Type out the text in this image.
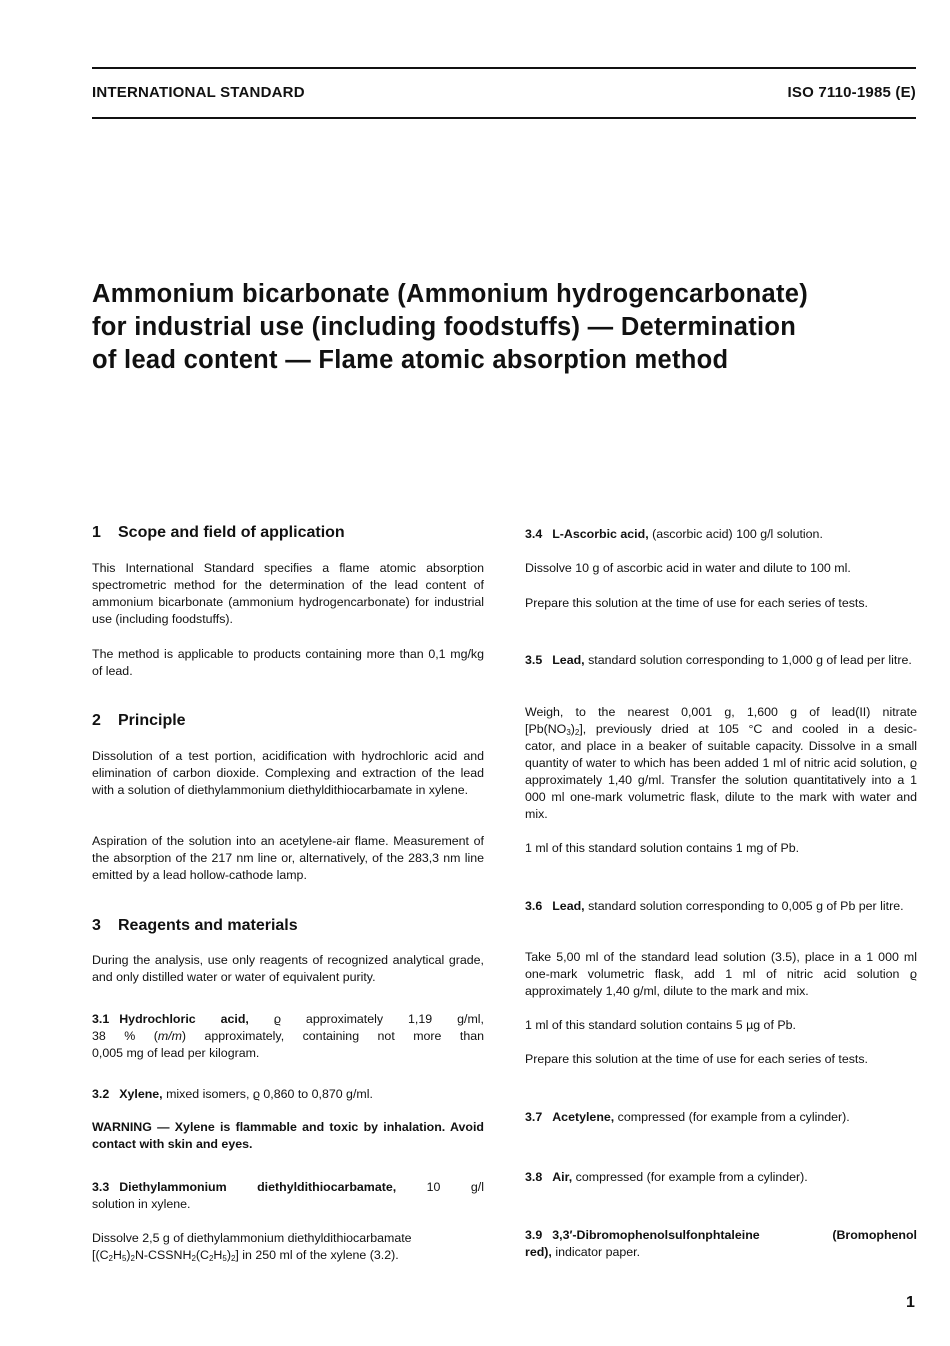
INTERNATIONAL STANDARD	ISO 7110-1985 (E)
Ammonium bicarbonate (Ammonium hydrogencarbonate)
for industrial use (including foodstuffs) — Determination
of lead content — Flame atomic absorption method
1 Scope and field of application

This International Standard specifies a flame atomic absorption spectrometric method for the determination of the lead content of ammonium bicarbonate (ammonium hydrogencarbonate) for industrial use (including foodstuffs).

The method is applicable to products containing more than 0,1 mg/kg of lead.

2 Principle

Dissolution of a test portion, acidification with hydrochloric acid and elimination of carbon dioxide. Complexing and extraction of the lead with a solution of diethylammonium diethyldithiocarbamate in xylene.

Aspiration of the solution into an acetylene-air flame. Measurement of the absorption of the 217 nm line or, alternatively, of the 283,3 nm line emitted by a lead hollow-cathode lamp.

3 Reagents and materials

During the analysis, use only reagents of recognized analytical grade, and only distilled water or water of equivalent purity.

3.1 Hydrochloric acid, ϱ approximately 1,19 g/ml,
38 % (m/m) approximately, containing not more than
0,005 mg of lead per kilogram.
3.2 Xylene, mixed isomers, ϱ 0,860 to 0,870 g/ml.

WARNING — Xylene is flammable and toxic by inhalation. Avoid contact with skin and eyes.

3.3 Diethylammonium diethyldithiocarbamate, 10 g/l
solution in xylene.

Dissolve 2,5 g of diethylammonium diethyldithiocarbamate

$[(C_2H_5)_2N-CSSNH_2(C_2H_5)_2]$ in 250 ml of the xylene (3.2).

3.4 L-Ascorbic acid, (ascorbic acid) 100 g/l solution.

Dissolve 10 g of ascorbic acid in water and dilute to 100 ml.

Prepare this solution at the time of use for each series of tests.

3.5 Lead, standard solution corresponding to 1,000 g of lead per litre.
Weigh, to the nearest 0,001 g, 1,600 g of lead(II) nitrate
$[Pb(NO_3)_2]$, previously dried at 105 °C and cooled in a desic-

cator, and place in a beaker of suitable capacity. Dissolve in a small quantity of water to which has been added 1 ml of nitric acid solution, ϱ approximately 1,40 g/ml. Transfer the solution quantitatively into a 1 000 ml one-mark volumetric flask, dilute to the mark with water and mix.

1 ml of this standard solution contains 1 mg of Pb.

3.6 Lead, standard solution corresponding to 0,005 g of Pb per litre.

Take 5,00 ml of the standard lead solution (3.5), place in a 1 000 ml one-mark volumetric flask, add 1 ml of nitric acid solution ϱ approximately 1,40 g/ml, dilute to the mark and mix.

1 ml of this standard solution contains 5 µg of Pb.

Prepare this solution at the time of use for each series of tests.

3.7 Acetylene, compressed (for example from a cylinder).
3.8 Air, compressed (for example from a cylinder).
3.9 3,3′-Dibromophenolsulfonphtaleine (Bromophenol
red), indicator paper.
1
